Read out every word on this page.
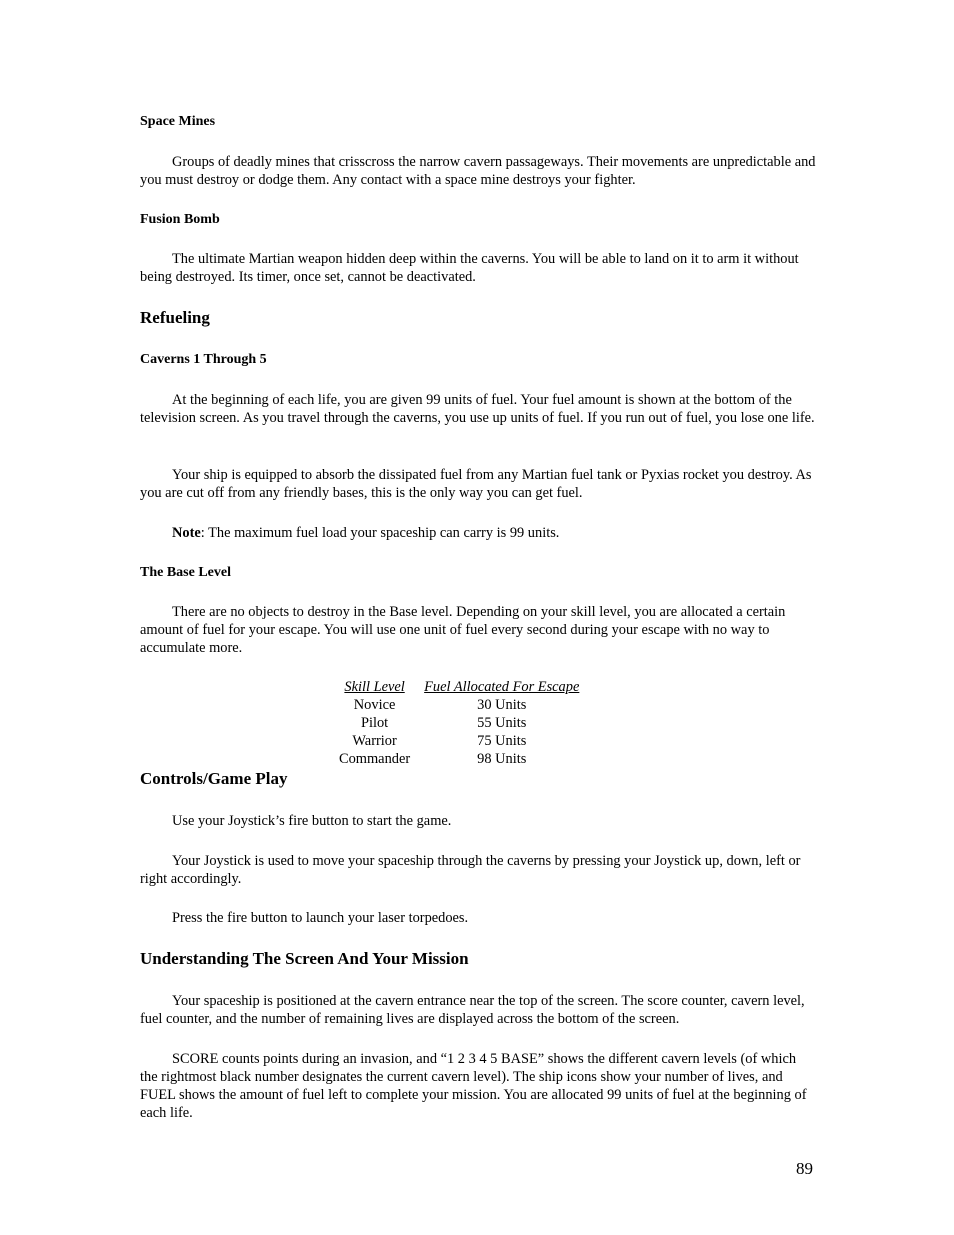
Space Mines

Groups of deadly mines that crisscross the narrow cavern passageways. Their movements are unpredictable and you must destroy or dodge them. Any contact with a space mine destroys your fighter.

Fusion Bomb

The ultimate Martian weapon hidden deep within the caverns. You will be able to land on it to arm it without being destroyed. Its timer, once set, cannot be deactivated.

Refueling
Caverns 1 Through 5

At the beginning of each life, you are given 99 units of fuel. Your fuel amount is shown at the bottom of the television screen. As you travel through the caverns, you use up units of fuel. If you run out of fuel, you lose one life.

Your ship is equipped to absorb the dissipated fuel from any Martian fuel tank or Pyxias rocket you destroy. As you are cut off from any friendly bases, this is the only way you can get fuel.

Note: The maximum fuel load your spaceship can carry is 99 units.

The Base Level

There are no objects to destroy in the Base level. Depending on your skill level, you are allocated a certain amount of fuel for your escape. You will use one unit of fuel every second during your escape with no way to accumulate more.

Skill Level	Fuel Allocated For Escape
Novice	30 Units
Pilot	55 Units
Warrior	75 Units
Commander	98 Units
Controls/Game Play

Use your Joystick’s fire button to start the game.

Your Joystick is used to move your spaceship through the caverns by pressing your Joystick up, down, left or right accordingly.

Press the fire button to launch your laser torpedoes.

Understanding The Screen And Your Mission

Your spaceship is positioned at the cavern entrance near the top of the screen. The score counter, cavern level, fuel counter, and the number of remaining lives are displayed across the bottom of the screen.

SCORE counts points during an invasion, and “1 2 3 4 5 BASE” shows the different cavern levels (of which the rightmost black number designates the current cavern level). The ship icons show your number of lives, and FUEL shows the amount of fuel left to complete your mission. You are allocated 99 units of fuel at the beginning of each life.

89
